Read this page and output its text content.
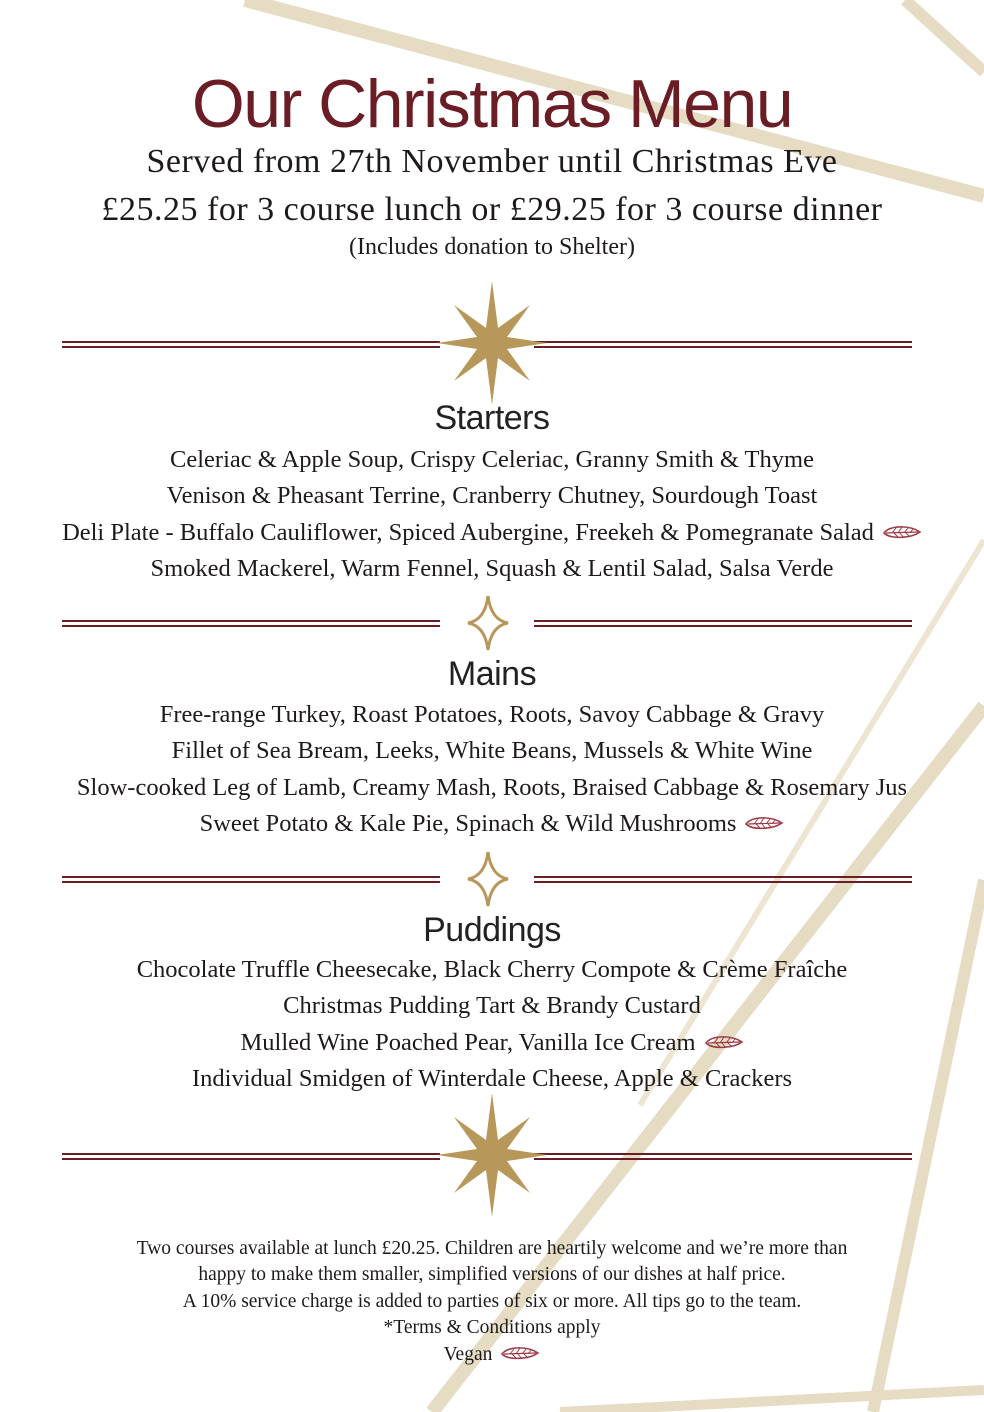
Our Christmas Menu
Served from 27th November until Christmas Eve
£25.25 for 3 course lunch or £29.25 for 3 course dinner
(Includes donation to Shelter)
Starters
Celeriac & Apple Soup, Crispy Celeriac, Granny Smith & Thyme
Venison & Pheasant Terrine, Cranberry Chutney, Sourdough Toast
Deli Plate - Buffalo Cauliflower, Spiced Aubergine, Freekeh & Pomegranate Salad
Smoked Mackerel, Warm Fennel, Squash & Lentil Salad, Salsa Verde
Mains
Free-range Turkey, Roast Potatoes, Roots, Savoy Cabbage & Gravy
Fillet of Sea Bream, Leeks, White Beans, Mussels & White Wine
Slow-cooked Leg of Lamb, Creamy Mash, Roots, Braised Cabbage & Rosemary Jus
Sweet Potato & Kale Pie, Spinach & Wild Mushrooms
Puddings
Chocolate Truffle Cheesecake, Black Cherry Compote & Crème Fraîche
Christmas Pudding Tart & Brandy Custard
Mulled Wine Poached Pear, Vanilla Ice Cream
Individual Smidgen of Winterdale Cheese, Apple & Crackers

Two courses available at lunch £20.25. Children are heartily welcome and we’re more than

happy to make them smaller, simplified versions of our dishes at half price.

A 10% service charge is added to parties of six or more. All tips go to the team.

*Terms & Conditions apply

Vegan
